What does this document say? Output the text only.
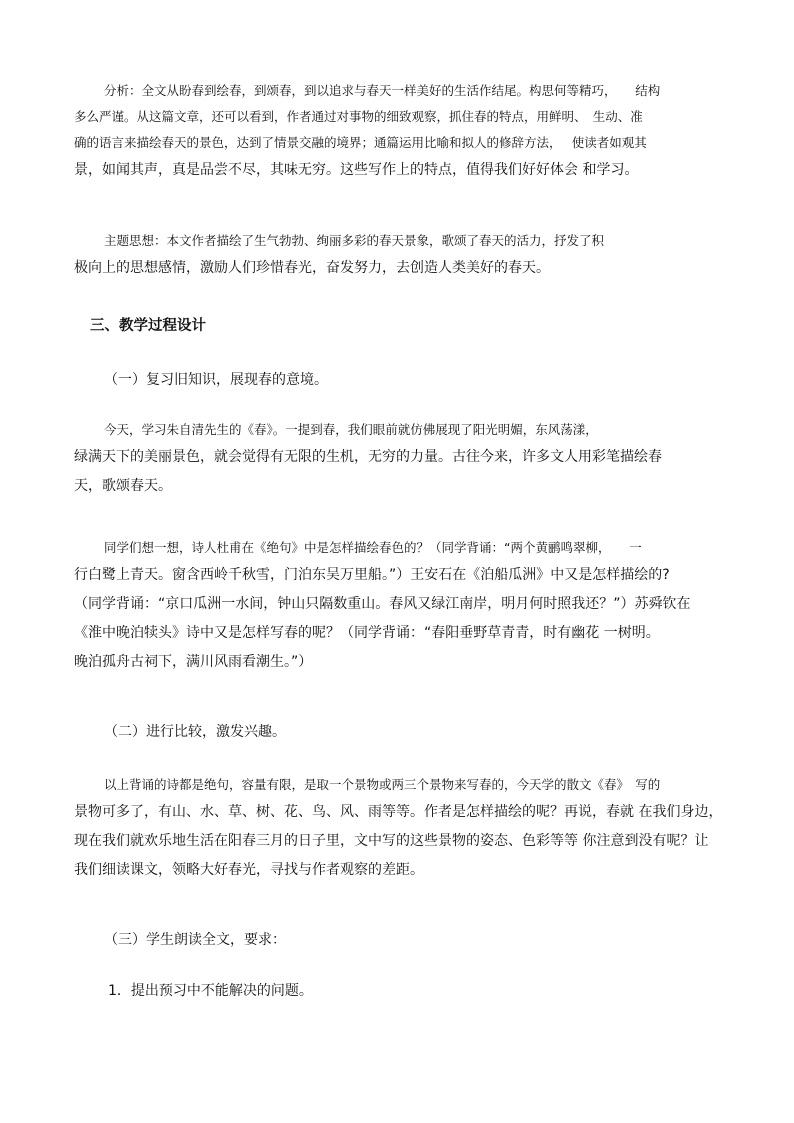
分析：全文从盼春到绘春，到颂春，到以追求与春天一样美好的生活作结尾。构思何等精巧，　　结构
多么严谨。从这篇文章，还可以看到，作者通过对事物的细致观察，抓住春的特点，用鲜明、　生动、准
确的语言来描绘春天的景色，达到了情景交融的境界；通篇运用比喻和拟人的修辞方法，　 使读者如观其
景，如闻其声，真是品尝不尽，其味无穷。这些写作上的特点，值得我们好好体会 和学习。
主题思想：本文作者描绘了生气勃勃、绚丽多彩的春天景象，歌颂了春天的活力，抒发了积
极向上的思想感情，激励人们珍惜春光，奋发努力，去创造人类美好的春天。

三、教学过程设计

（一）复习旧知识，展现春的意境。

今天，学习朱自清先生的《春》。一提到春，我们眼前就仿佛展现了阳光明媚，东风荡漾，
绿满天下的美丽景色，就会觉得有无限的生机，无穷的力量。古往今来，许多文人用彩笔描绘春
天，歌颂春天。
同学们想一想，诗人杜甫在《绝句》中是怎样描绘春色的？（同学背诵：“两个黄鹂鸣翠柳，　　一
行白鹭上青天。窗含西岭千秋雪，门泊东吴万里船。”）王安石在《泊船瓜洲》中又是怎样描绘的?
（同学背诵：“京口瓜洲一水间，钟山只隔数重山。春风又绿江南岸，明月何时照我还？”）苏舜钦在
《淮中晚泊犊头》诗中又是怎样写春的呢？（同学背诵：“春阳垂野草青青，时有幽花 一树明。
晚泊孤舟古祠下，满川风雨看潮生。”）

（二）进行比较，激发兴趣。

以上背诵的诗都是绝句，容量有限，是取一个景物或两三个景物来写春的，今天学的散文《春》　写的
景物可多了，有山、水、草、树、花、鸟、风、雨等等。作者是怎样描绘的呢？再说，春就 在我们身边，
现在我们就欢乐地生活在阳春三月的日子里，文中写的这些景物的姿态、色彩等等 你注意到没有呢？让
我们细读课文，领略大好春光，寻找与作者观察的差距。

（三）学生朗读全文，要求：

1．提出预习中不能解决的问题。
